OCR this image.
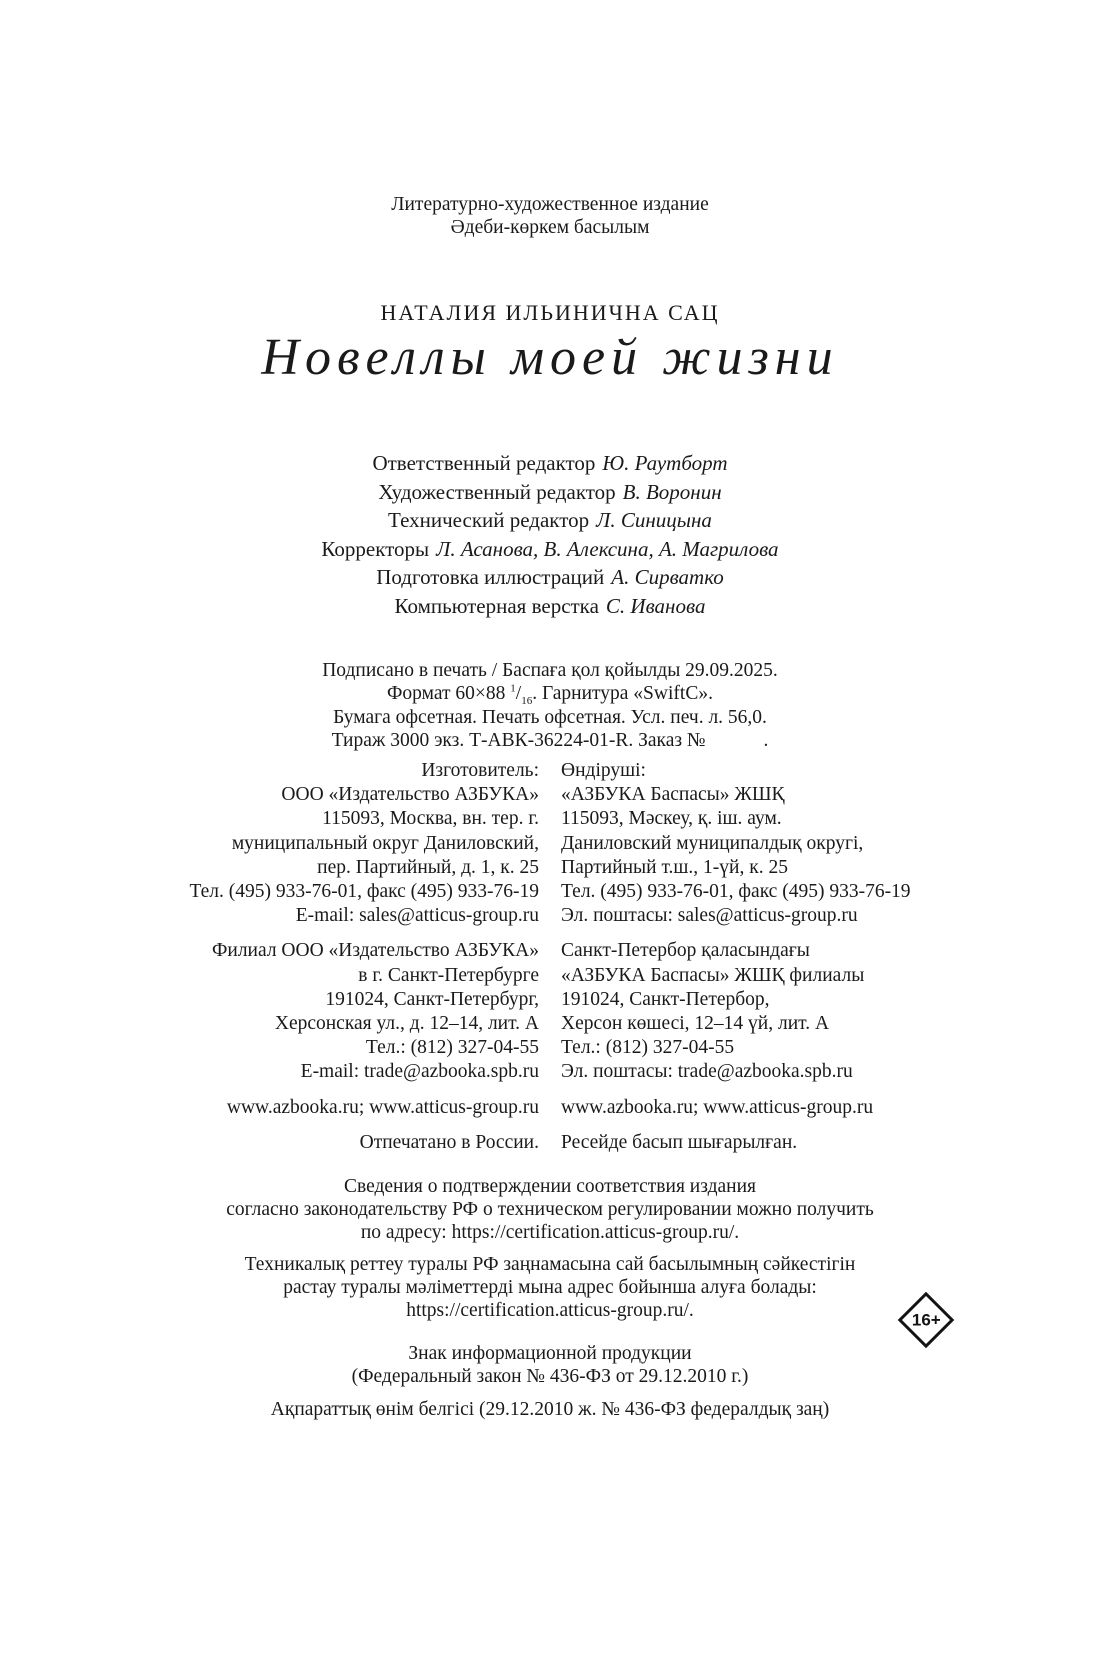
Литературно-художественное издание
Әдеби-көркем басылым
НАТАЛИЯ ИЛЬИНИЧНА САЦ
Новеллы моей жизни
Ответственный редактор Ю. Раутборт
Художественный редактор В. Воронин
Технический редактор Л. Синицына
Корректоры Л. Асанова, В. Алексина, А. Магрилова
Подготовка иллюстраций А. Сирватко
Компьютерная верстка С. Иванова
Подписано в печать / Баспаға қол қойылды 29.09.2025.
Формат 60×88 $^1/_{16}$. Гарнитура «SwiftC».
Бумага офсетная. Печать офсетная. Усл. печ. л. 56,0.
Тираж 3000 экз. Т-АВК-36224-01-R. Заказ №	.
Изготовитель:
ООО «Издательство АЗБУКА»
115093, Москва, вн. тер. г.
муниципальный округ Даниловский,
пер. Партийный, д. 1, к. 25
Тел. (495) 933-76-01, факс (495) 933-76-19
E-mail: sales@atticus-group.ru
Филиал ООО «Издательство АЗБУКА»
в г. Санкт-Петербурге
191024, Санкт-Петербург,
Херсонская ул., д. 12–14, лит. А
Тел.: (812) 327-04-55
E-mail: trade@azbooka.spb.ru
www.azbooka.ru; www.atticus-group.ru
Отпечатано в России.
Өндіруші:
«АЗБУКА Баспасы» ЖШҚ
115093, Мәскеу, қ. іш. аум.
Даниловский муниципалдық округі,
Партийный т.ш., 1-үй, к. 25
Тел. (495) 933-76-01, факс (495) 933-76-19
Эл. поштасы: sales@atticus-group.ru
Санкт-Петербор қаласындағы
«АЗБУКА Баспасы» ЖШҚ филиалы
191024, Санкт-Петербор,
Херсон көшесі, 12–14 үй, лит. А
Тел.: (812) 327-04-55
Эл. поштасы: trade@azbooka.spb.ru
www.azbooka.ru; www.atticus-group.ru
Ресейде басып шығарылған.
Сведения о подтверждении соответствия издания
согласно законодательству РФ о техническом регулировании можно получить
по адресу: https://certification.atticus-group.ru/.
Техникалық реттеу туралы РФ заңнамасына сай басылымның сәйкестігін
растау туралы мәліметтерді мына адрес бойынша алуға болады:
https://certification.atticus-group.ru/.
Знак информационной продукции
(Федеральный закон № 436-ФЗ от 29.12.2010 г.)
Ақпараттық өнім белгісі (29.12.2010 ж. № 436-ФЗ федералдық заң)
16+
